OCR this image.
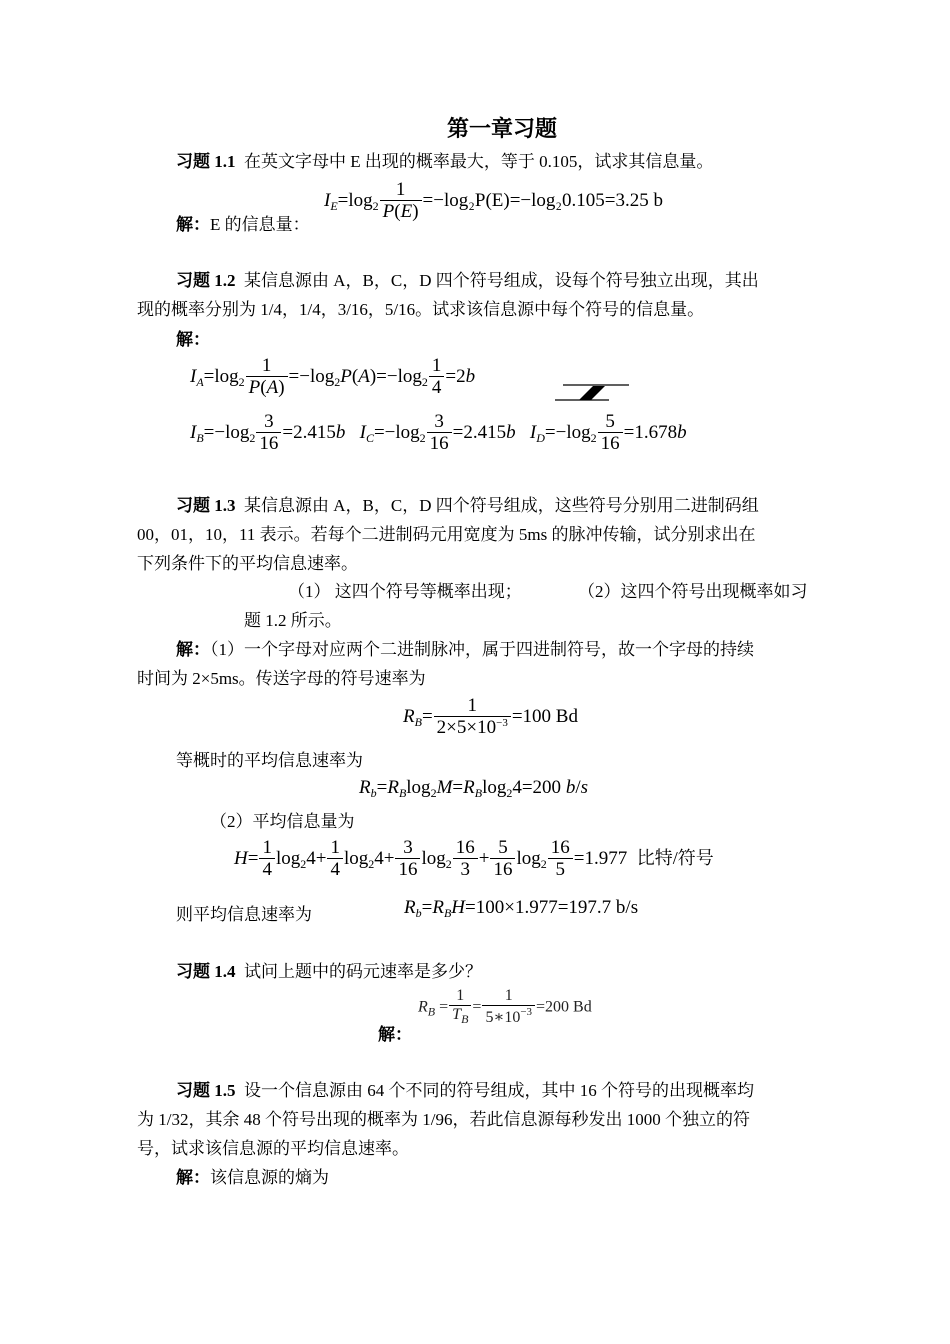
第一章习题
习题 1.1 在英文字母中 E 出现的概率最大，等于 0.105，试求其信息量。
$I_E=\log_2 \frac{1}{P(E)} =-\log_2P(E)=-\log_20.105=3.25$ b
解：E 的信息量：
习题 1.2 某信息源由 A，B，C，D 四个符号组成，设每个符号独立出现，其出
现的概率分别为 1/4，1/4，3/16，5/16。试求该信息源中每个符号的信息量。
解：
$I_A=\log_2 \frac{1}{P(A)} =-\log_2P(A)=-\log_2 \frac{1}{4} =2b$
$I_B=-\log_2 \frac{3}{16} =2.415b$ $I_C=-\log_2 \frac{3}{16} =2.415b$ $I_D=-\log_2 \frac{5}{16} =1.678b$
习题 1.3 某信息源由 A，B，C，D 四个符号组成，这些符号分别用二进制码组
00，01，10，11 表示。若每个二进制码元用宽度为 5ms 的脉冲传输，试分别求出在
下列条件下的平均信息速率。
（1） 这四个符号等概率出现；	（2）这四个符号出现概率如习
题 1.2 所示。
解：（1）一个字母对应两个二进制脉冲，属于四进制符号，故一个字母的持续
时间为 2×5ms。传送字母的符号速率为
$R_B= \frac{1}{2\times 5\times 10^{-3}} =100$ Bd
等概时的平均信息速率为
$R_b=R_B\log_2M=R_B\log_24=200$ b/s
（2）平均信息量为
$H= \frac{1}{4} \log_24+ \frac{1}{4} \log_24+ \frac{3}{16} \log_2 \frac{16}{3} + \frac{5}{16} \log_2 \frac{16}{5} =1.977$  比特/符号
则平均信息速率为	$R_b=R_BH=100\times 1.977=197.7$ b/s
习题 1.4 试问上题中的码元速率是多少？
$R_B = \frac{1}{T_B} = \frac{1}{5∗10^{-3}} =200$ Bd
解：
习题 1.5 设一个信息源由 64 个不同的符号组成，其中 16 个符号的出现概率均
为 1/32，其余 48 个符号出现的概率为 1/96，若此信息源每秒发出 1000 个独立的符
号，试求该信息源的平均信息速率。
解：该信息源的熵为
